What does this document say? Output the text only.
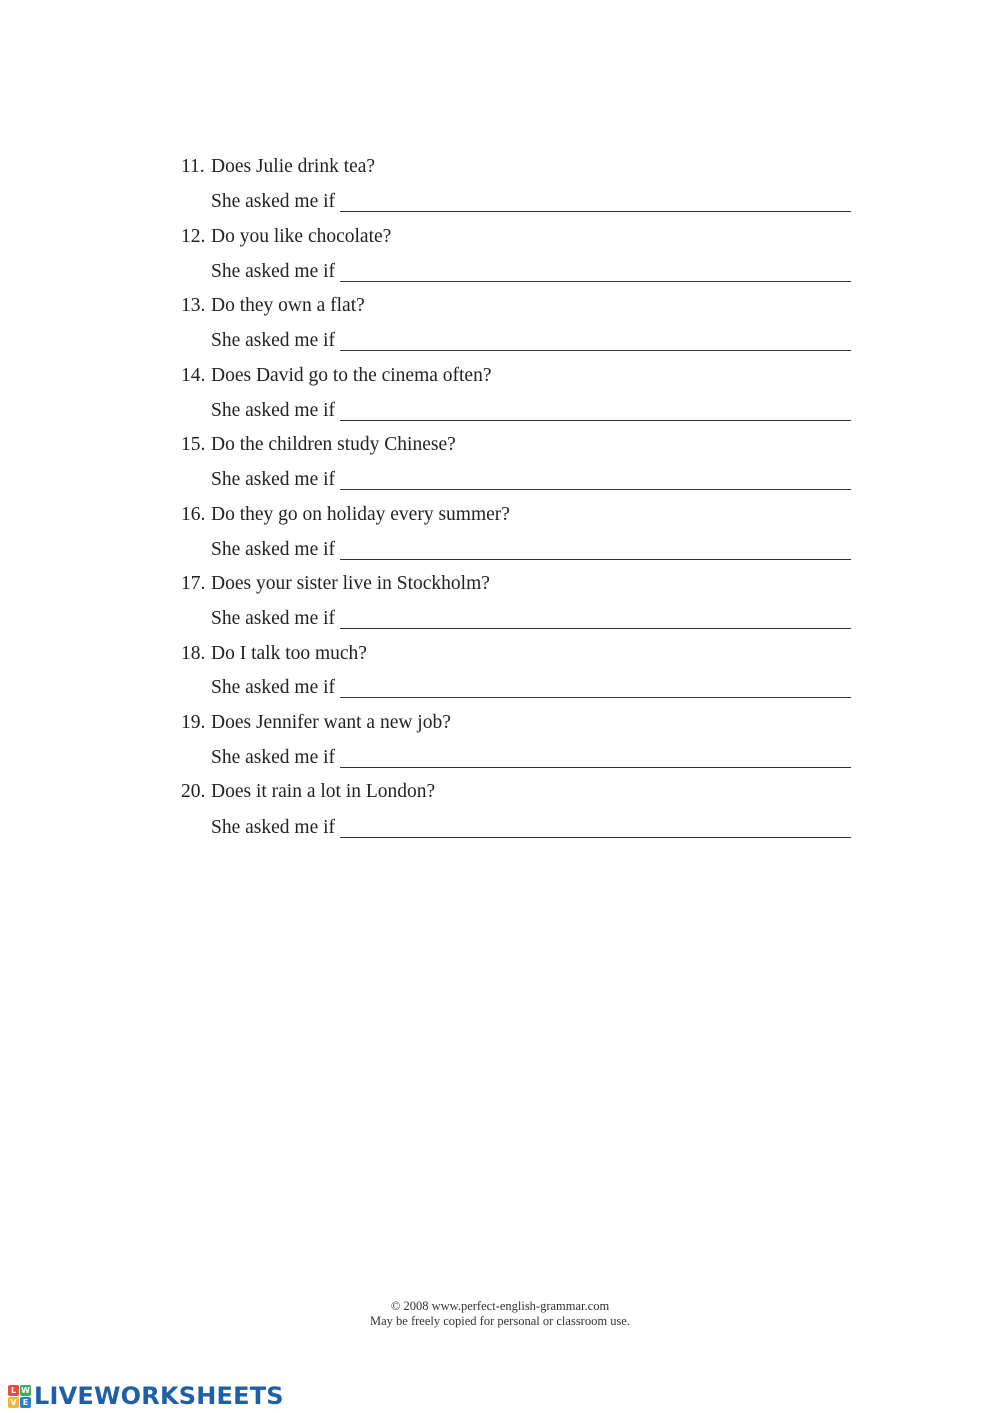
11. Does Julie drink tea?
She asked me if
12. Do you like chocolate?
She asked me if
13. Do they own a flat?
She asked me if
14. Does David go to the cinema often?
She asked me if
15. Do the children study Chinese?
She asked me if
16. Do they go on holiday every summer?
She asked me if
17. Does your sister live in Stockholm?
She asked me if
18. Do I talk too much?
She asked me if
19. Does Jennifer want a new job?
She asked me if
20. Does it rain a lot in London?
She asked me if
© 2008 www.perfect-english-grammar.com
May be freely copied for personal or classroom use.
L W
V E LIVEWORKSHEETS
